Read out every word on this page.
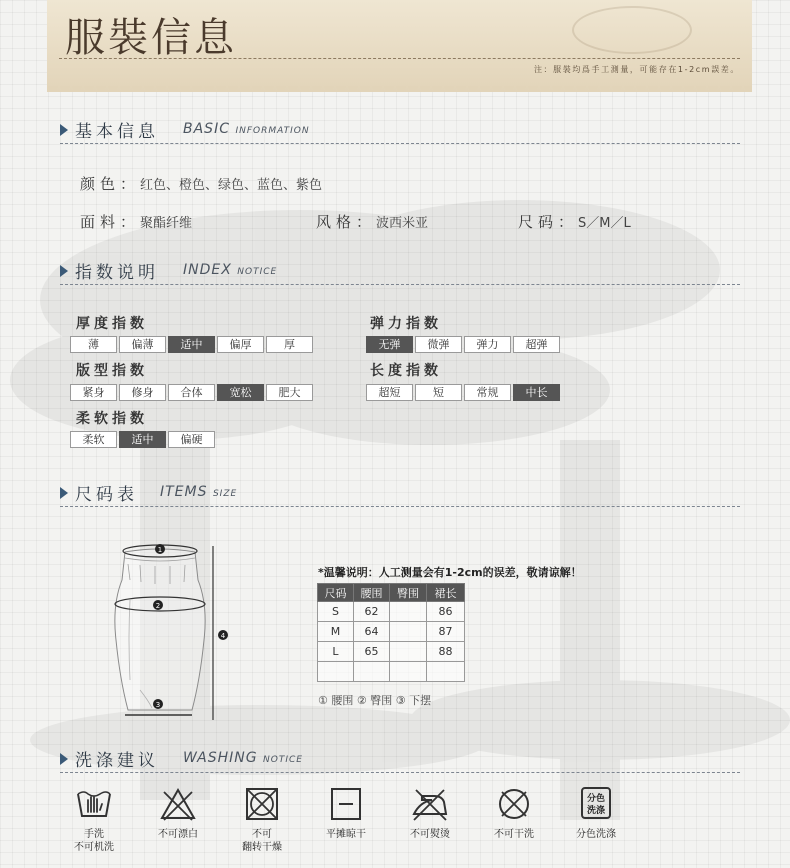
服裝信息
注：服裝均爲手工測量，可能存在1-2cm誤差。
基本信息 BASIC INFORMATION
颜色：红色、橙色、绿色、蓝色、紫色
面料：聚酯纤维	风格：波西米亚	尺码：S／M／L
指数说明 INDEX NOTICE
厚度指数
薄	偏薄	适中	偏厚	厚
弹力指数
无弹	微弹	弹力	超弹
版型指数
紧身	修身	合体	宽松	肥大
长度指数
超短	短	常规	中长
柔软指数
柔软	适中	偏硬
尺码表 ITEMS SIZE
1
2
3
4
*温馨说明：人工测量会有1-2cm的误差，敬请谅解！
尺码	腰围	臀围	裙长
S	62		86
M	64		87
L	65		88

① 腰围 ② 臀围 ③ 下摆
洗涤建议 WASHING NOTICE
手洗
不可机洗
不可漂白	不可
翻转干燥
平摊晾干	不可熨烫	不可干洗
分色
洗涤
分色洗涤
